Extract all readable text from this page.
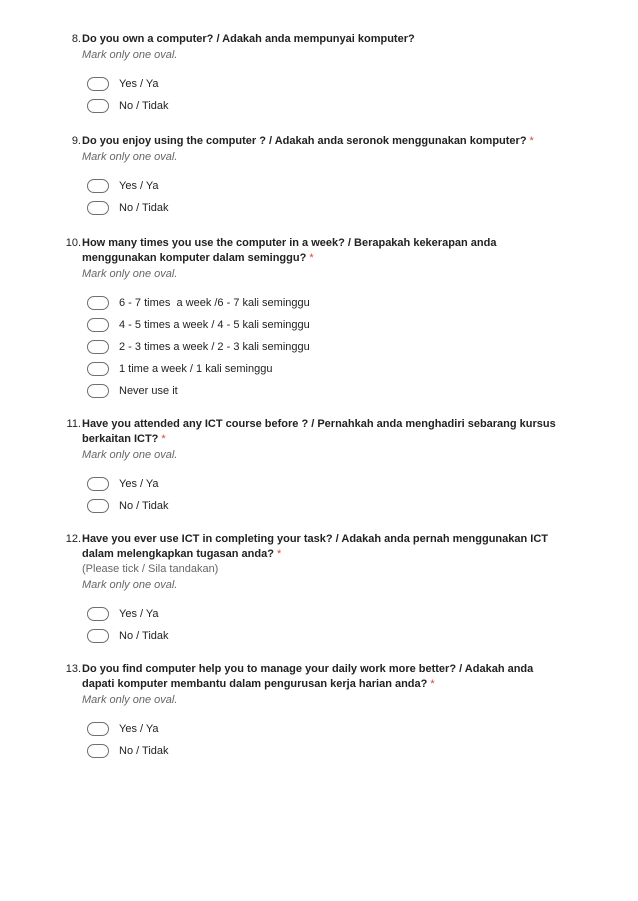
8. Do you own a computer? / Adakah anda mempunyai komputer?
Mark only one oval.
Yes / Ya
No / Tidak
9. Do you enjoy using the computer ? / Adakah anda seronok menggunakan komputer? *
Mark only one oval.
Yes / Ya
No / Tidak
10. How many times you use the computer in a week? / Berapakah kekerapan anda menggunakan komputer dalam seminggu? *
Mark only one oval.
6 - 7 times  a week /6 - 7 kali seminggu
4 - 5 times a week / 4 - 5 kali seminggu
2 - 3 times a week / 2 - 3 kali seminggu
1 time a week / 1 kali seminggu
Never use it
11. Have you attended any ICT course before ? / Pernahkah anda menghadiri sebarang kursus berkaitan ICT? *
Mark only one oval.
Yes / Ya
No / Tidak
12. Have you ever use ICT in completing your task? / Adakah anda pernah menggunakan ICT dalam melengkapkan tugasan anda? *
(Please tick / Sila tandakan)
Mark only one oval.
Yes / Ya
No / Tidak
13. Do you find computer help you to manage your daily work more better? / Adakah anda dapati komputer membantu dalam pengurusan kerja harian anda? *
Mark only one oval.
Yes / Ya
No / Tidak
